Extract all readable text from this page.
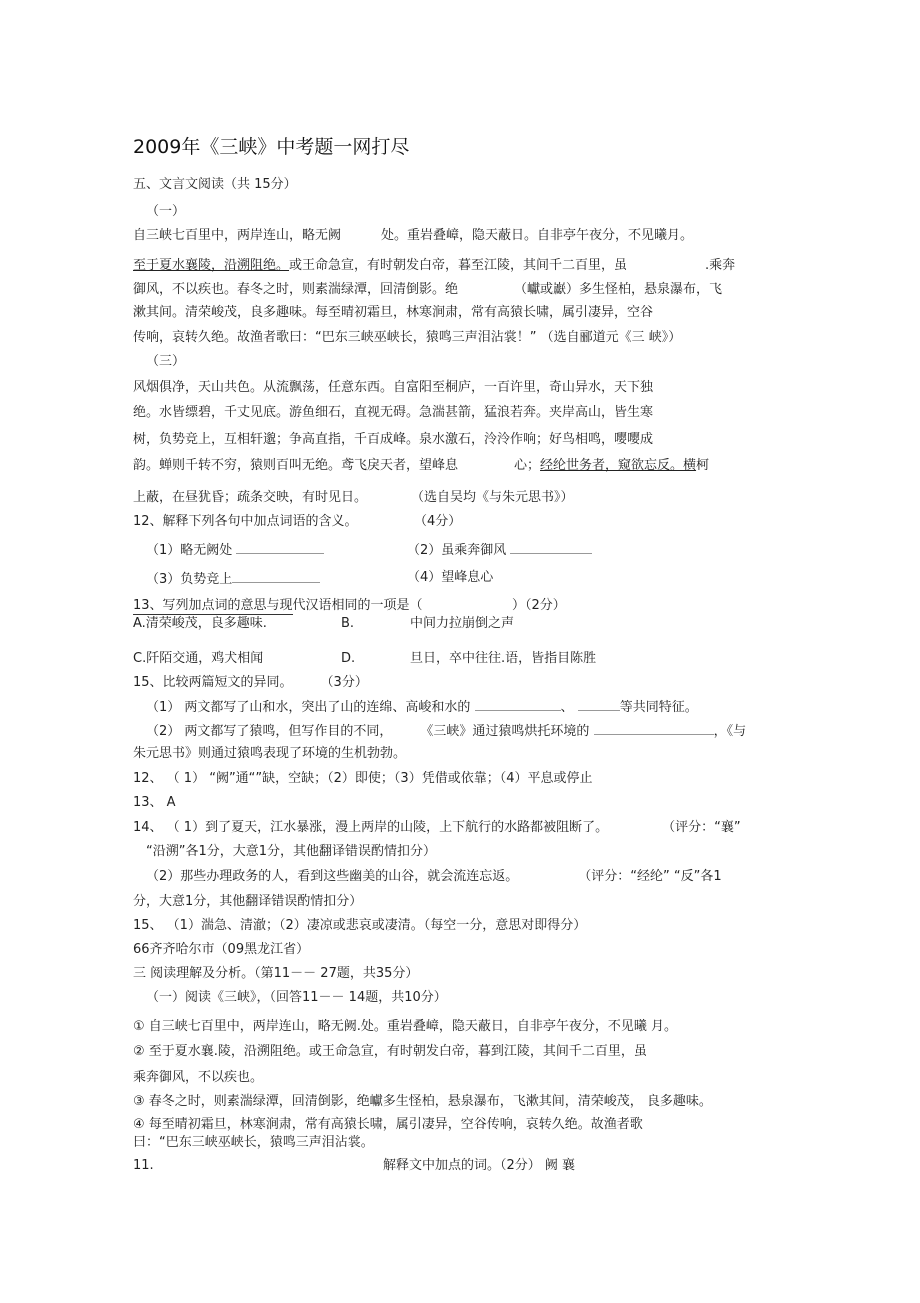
2009年《三峡》中考题一网打尽
五、文言文阅读（共 15分）
（一）
自三峡七百里中，两岸连山，略无阙	处。重岩叠嶂，隐天蔽日。自非亭午夜分，不见曦月。
至于夏水襄陵，沿溯阻绝。或王命急宣，有时朝发白帝，暮至江陵，其间千二百里，虽	.乘奔
御风，不以疾也。春冬之时，则素湍绿潭，回清倒影。绝	（巘或巚）多生怪柏，悬泉瀑布，飞
漱其间。清荣峻茂，良多趣味。每至晴初霜旦，林寒涧肃，常有高猿长啸，属引凄异，空谷
传响，哀转久绝。故渔者歌曰：“巴东三峡巫峡长，猿鸣三声泪沾裳！” （选自郦道元《三 峡》）
（三）
风烟俱净，天山共色。从流飘荡，任意东西。自富阳至桐庐，一百许里，奇山异水，天下独
绝。水皆缥碧，千丈见底。游鱼细石，直视无碍。急湍甚箭，猛浪若奔。夹岸高山，皆生寒
树，负势竞上，互相轩邈；争高直指，千百成峰。泉水激石，泠泠作响；好鸟相鸣，嘤嘤成
韵。蝉则千转不穷，猿则百叫无绝。鸢飞戾天者，望峰息	心；经纶世务者，窥欲忘反。横柯
上蔽，在昼犹昏；疏条交映，有时见日。	（选自吴均《与朱元思书》）
12、解释下列各句中加点词语的含义。	（4分）
（1）略无阙处	（2）虽乘奔御风
（3）负势竞上	（4）望峰息心
13、写列加点词的意思与现代汉语相同的一项是（	）（2分）
A.清荣峻茂，良多趣味.	B.	中间力拉崩倒之声
C.阡陌交通，鸡犬相闻	D.	旦日，卒中往往.语，皆指目陈胜
15、比较两篇短文的异同。 （3分）
（1） 两文都写了山和水，突出了山的连绵、高峻和水的	、	等共同特征。
（2） 两文都写了猿鸣，但写作目的不同， 《三峡》通过猿鸣烘托环境的	，《与
朱元思书》则通过猿鸣表现了环境的生机勃勃。
12、 （ 1） “阙”通“”缺，空缺；（2）即使；（3）凭借或依靠；（4）平息或停止
13、 A
14、 （ 1）到了夏天，江水暴涨，漫上两岸的山陵，上下航行的水路都被阻断了。	（评分：“襄”
“沿溯”各1分，大意1分，其他翻译错误酌情扣分）
（2）那些办理政务的人，看到这些幽美的山谷，就会流连忘返。	（评分：“经纶” “反”各1
分，大意1分，其他翻译错误酌情扣分）
15、 （1）湍急、清澈；（2）凄凉或悲哀或凄清。（每空一分，意思对即得分）
66齐齐哈尔市（09黑龙江省）
三 阅读理解及分析。（第11－－ 27题，共35分）
（一）阅读《三峡》，（回答11－－ 14题，共10分）
① 自三峡七百里中，两岸连山，略无阙.处。重岩叠嶂，隐天蔽日，自非亭午夜分，不见曦 月。
② 至于夏水襄.陵，沿溯阻绝。或王命急宣，有时朝发白帝，暮到江陵，其间千二百里，虽
乘奔御风，不以疾也。
③ 春冬之时，则素湍绿潭，回清倒影，绝巘多生怪柏，悬泉瀑布，飞漱其间，清荣峻茂， 良多趣味。
④ 每至晴初霜旦，林寒涧肃，常有高猿长啸，属引凄异，空谷传响，哀转久绝。故渔者歌
曰：“巴东三峡巫峡长，猿鸣三声泪沾裳。
11.	解释文中加点的词。（2分） 阙 襄
